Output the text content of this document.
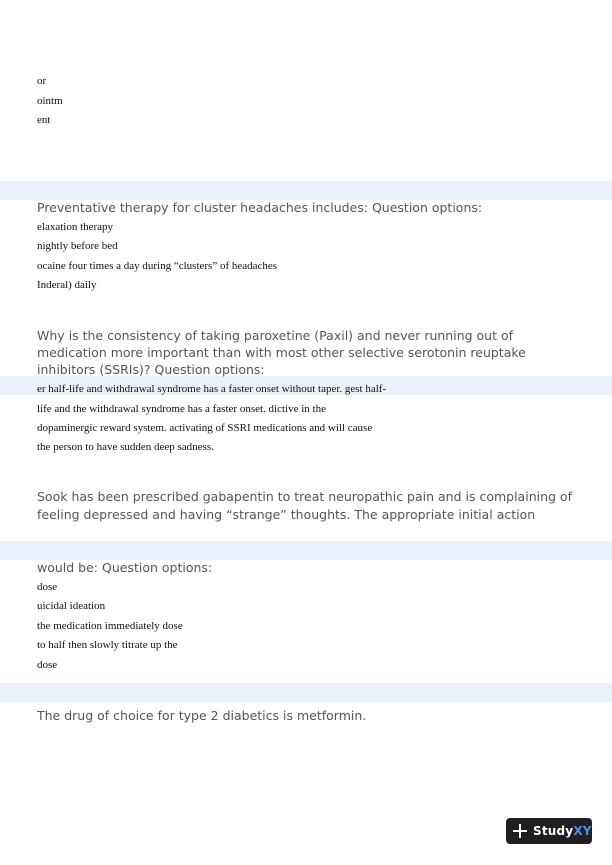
or
ointm
ent
Preventative therapy for cluster headaches includes: Question options:
elaxation therapy
nightly before bed
ocaine four times a day during “clusters” of headaches
Inderal) daily
Why is the consistency of taking paroxetine (Paxil) and never running out of
medication more important than with most other selective serotonin reuptake
inhibitors (SSRIs)? Question options:
er half-life and withdrawal syndrome has a faster onset without taper. gest half-
life and the withdrawal syndrome has a faster onset. dictive in the
dopaminergic reward system. activating of SSRI medications and will cause
the person to have sudden deep sadness.
Sook has been prescribed gabapentin to treat neuropathic pain and is complaining of
feeling depressed and having “strange” thoughts. The appropriate initial action
would be: Question options:
dose
uicidal ideation
the medication immediately dose
to half then slowly titrate up the
dose
The drug of choice for type 2 diabetics is metformin.
StudyXY
